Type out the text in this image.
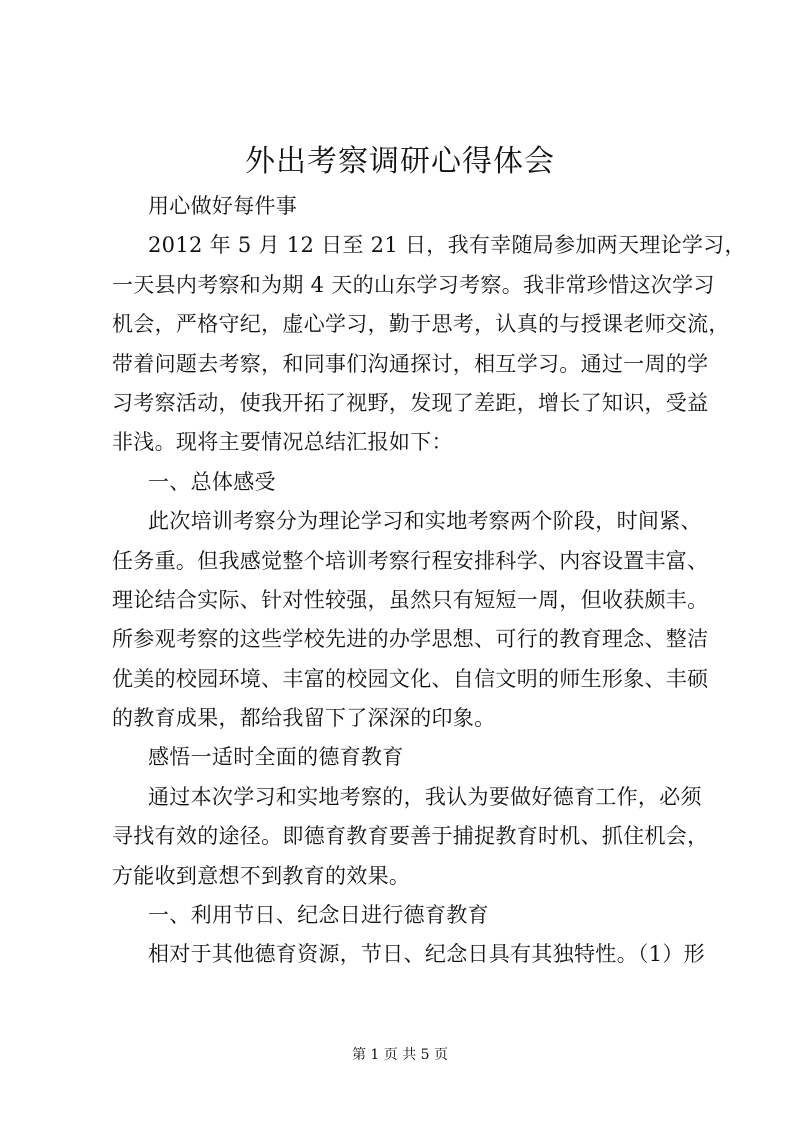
外出考察调研心得体会
用心做好每件事
2012 年 5 月 12 日至 21 日，我有幸随局参加两天理论学习，
一天县内考察和为期 4 天的山东学习考察。我非常珍惜这次学习
机会，严格守纪，虚心学习，勤于思考，认真的与授课老师交流，
带着问题去考察，和同事们沟通探讨，相互学习。通过一周的学
习考察活动，使我开拓了视野，发现了差距，增长了知识，受益
非浅。现将主要情况总结汇报如下：
一、总体感受
此次培训考察分为理论学习和实地考察两个阶段，时间紧、
任务重。但我感觉整个培训考察行程安排科学、内容设置丰富、
理论结合实际、针对性较强，虽然只有短短一周，但收获颇丰。
所参观考察的这些学校先进的办学思想、可行的教育理念、整洁
优美的校园环境、丰富的校园文化、自信文明的师生形象、丰硕
的教育成果，都给我留下了深深的印象。
感悟一适时全面的德育教育
通过本次学习和实地考察的，我认为要做好德育工作，必须
寻找有效的途径。即德育教育要善于捕捉教育时机、抓住机会，
方能收到意想不到教育的效果。
一、利用节日、纪念日进行德育教育
相对于其他德育资源，节日、纪念日具有其独特性。（1）形
第 1 页 共 5 页
